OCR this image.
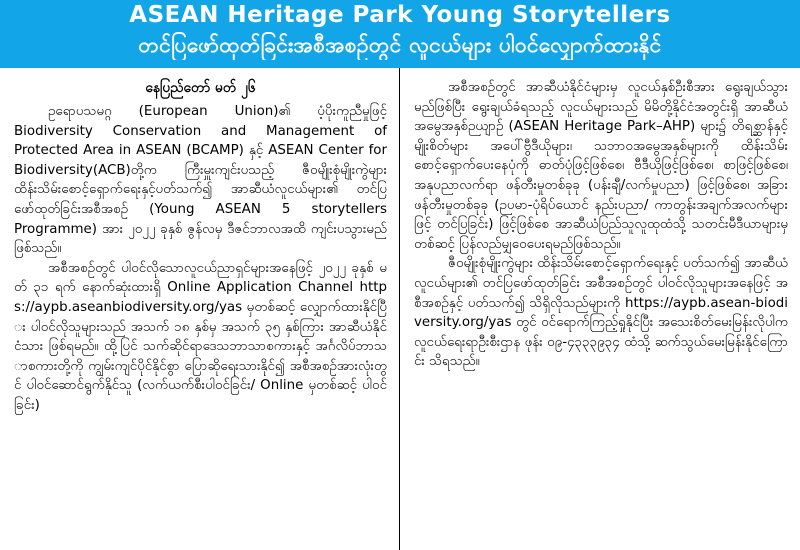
ASEAN Heritage Park Young Storytellers
တင်ပြဖော်ထုတ်ခြင်းအစီအစဉ်တွင် လူငယ်များ ပါဝင်လျှောက်ထားနိုင်
နေပြည်တော် မတ် ၂၆

ဥရောပသမဂ္ဂ (European Union)၏ ပံ့ပိုးကူညီမှုဖြင့် Biodiversity Conservation and Management of Protected Area in ASEAN (BCAMP) နှင့် ASEAN Center for Biodiversity(ACB)တို့က ကြီးမှူးကျင်းပသည့် ဇီဝမျိုးစုံမျိုးကွဲများ ထိန်းသိမ်းစောင့်ရှောက်ရေးနှင့်ပတ်သက်၍ အာဆီယံလူငယ်များ၏ တင်ပြဖော်ထုတ်ခြင်းအစီအစဉ် (Young ASEAN 5 storytellers Programme) အား ၂၀၂၂ ခုနှစ် ဇွန်လမှ ဒီဇင်ဘာလအထိ ကျင်းပသွားမည်ဖြစ်သည်။

အစီအစဉ်တွင် ပါဝင်လိုသောလူငယ်ညာရှင်များအနေဖြင့် ၂၀၂၂ ခုနှစ် မတ် ၃၁ ရက် နောက်ဆုံးထားရှိ Online Application Channel https://aypb.aseanbiodiversity.org/yas မှတစ်ဆင့် လျှောက်ထားနိုင်ပြီး ပါဝင်လိုသူများသည် အသက် ၁၈ နှစ်မှ အသက် ၃၅ နှစ်ကြား အာဆီယံနိုင်ငံသား ဖြစ်ရမည်။ ထို့ပြင် သက်ဆိုင်ရာဒေသဘာသာစကားနှင့် အင်္ဂလိပ်ဘာသာစကားတို့ကို ကျွမ်းကျင်ပိုင်နိုင်စွာ ပြောဆိုရေးသားနိုင်၍ အစီအစဉ်အားလုံးတွင် ပါဝင်ဆောင်ရွက်နိုင်သူ (လက်ယက်စီးပါဝင်ခြင်း/ Online မှတစ်ဆင့် ပါဝင်ခြင်း)

အစီအစဉ်တွင် အာဆီယံနိုင်ငံများမှ လူငယ်နှစ်ဦးစီအား ရွေးချယ်သွားမည်ဖြစ်ပြီး ရွေးချယ်ခံရသည့် လူငယ်များသည် မိမိတို့နိုင်ငံအတွင်းရှိ အာဆီယံအမွေအနှစ်ဉယျာဉ် (ASEAN Heritage Park–AHP) များ၌ တိရစ္ဆာန်နှင့်မျိုးစိတ်များ အပေါ်ဗွီဒီယိုများ၊ သဘာဝအမွေအနှစ်များကို ထိန်းသိမ်းစောင့်ရှောက်ပေးနေပုံကို ဓာတ်ပုံဖြင့်ဖြစ်စေ၊ ဗီဒီယိုဖြင့်ဖြစ်စေ၊ စာဖြင့်ဖြစ်စေ၊ အနုပညာလက်ရာ ဖန်တီးမှုတစ်ခုခု (ပန်းချီ/လက်မှုပညာ) ဖြင့်ဖြစ်စေ၊ အခြားဖန်တီးမှုတစ်ခုခု (ဉပမာ-ပုံရိပ်ယောင် နည်းပညာ/ ကာတွန်းအချက်အလက်များဖြင့် တင်ပြခြင်း) ဖြင့်ဖြစ်စေ အာဆီယံပြည်သူလူထုထံသို့ သတင်းမီဒီယာများမှတစ်ဆင့် ပြန်လည်မျှဝေပေးရမည်ဖြစ်သည်။

ဇီဝမျိုးစုံမျိုးကွဲများ ထိန်းသိမ်းစောင့်ရှောက်ရေးနှင့် ပတ်သက်၍ အာဆီယံလူငယ်များ၏ တင်ပြဖော်ထုတ်ခြင်း အစီအစဉ်တွင် ပါဝင်လိုသူများအနေဖြင့် အစီအစဉ်နှင့် ပတ်သက်၍ သိရှိလိုသည်များကို https://aypb.asean-biodiversity.org/yas တွင် ဝင်ရောက်ကြည့်ရှုနိုင်ပြီး အသေးစိတ်မေးမြန်းလိုပါက လူငယ်ရေးရာဦးစီးဌာန ဖုန်း ၀၉-၄၃၃၃၉၃၄ ထံသို့ ဆက်သွယ်မေးမြန်းနိုင်ကြောင်း သိရသည်။
